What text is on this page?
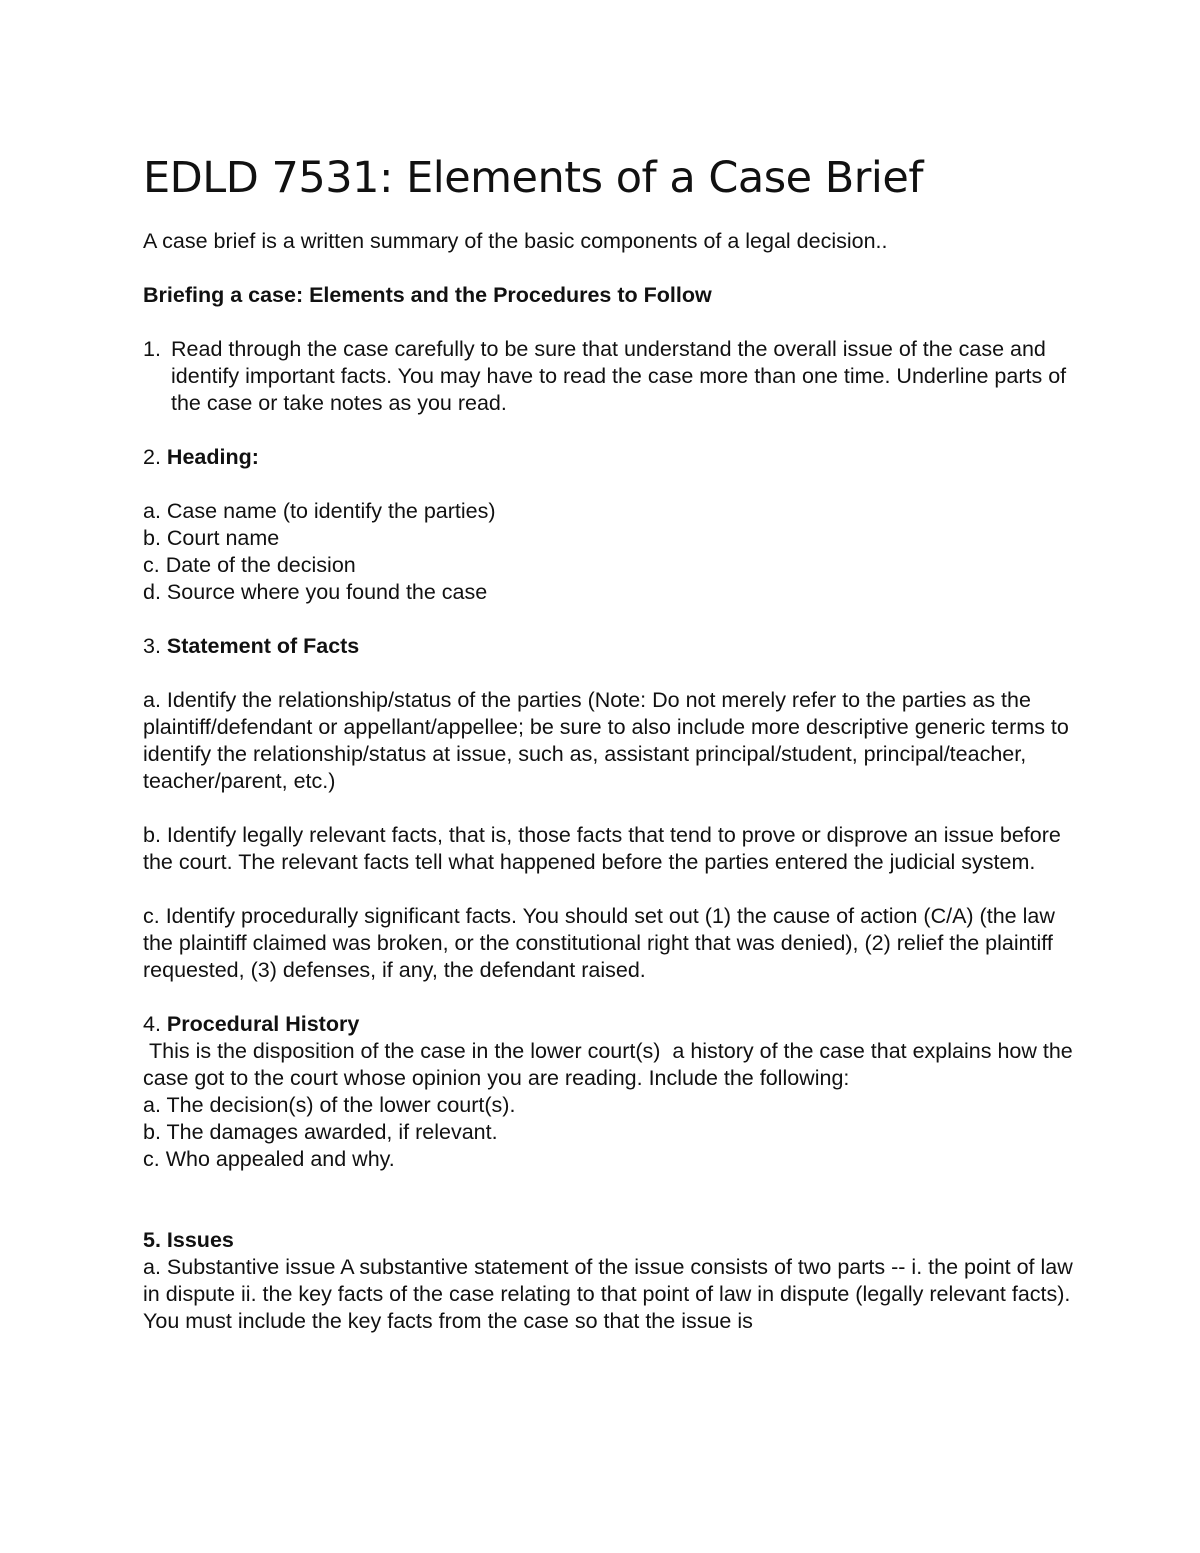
EDLD 7531: Elements of a Case Brief

A case brief is a written summary of the basic components of a legal decision..

Briefing a case: Elements and the Procedures to Follow

1. Read through the case carefully to be sure that understand the overall issue of the case and identify important facts. You may have to read the case more than one time. Underline parts of the case or take notes as you read.

2. Heading:

a. Case name (to identify the parties)
b. Court name
c. Date of the decision
d. Source where you found the case

3. Statement of Facts

a. Identify the relationship/status of the parties (Note: Do not merely refer to the parties as the plaintiff/defendant or appellant/appellee; be sure to also include more descriptive generic terms to identify the relationship/status at issue, such as, assistant principal/student, principal/teacher, teacher/parent, etc.)

b. Identify legally relevant facts, that is, those facts that tend to prove or disprove an issue before the court. The relevant facts tell what happened before the parties entered the judicial system.

c. Identify procedurally significant facts. You should set out (1) the cause of action (C/A) (the law the plaintiff claimed was broken, or the constitutional right that was denied), (2) relief the plaintiff requested, (3) defenses, if any, the defendant raised.

4. Procedural History

This is the disposition of the case in the lower court(s)  a history of the case that explains how the case got to the court whose opinion you are reading. Include the following:

a. The decision(s) of the lower court(s).
b. The damages awarded, if relevant.
c. Who appealed and why.

5. Issues

a. Substantive issue A substantive statement of the issue consists of two parts -- i. the point of law in dispute ii. the key facts of the case relating to that point of law in dispute (legally relevant facts). You must include the key facts from the case so that the issue is
